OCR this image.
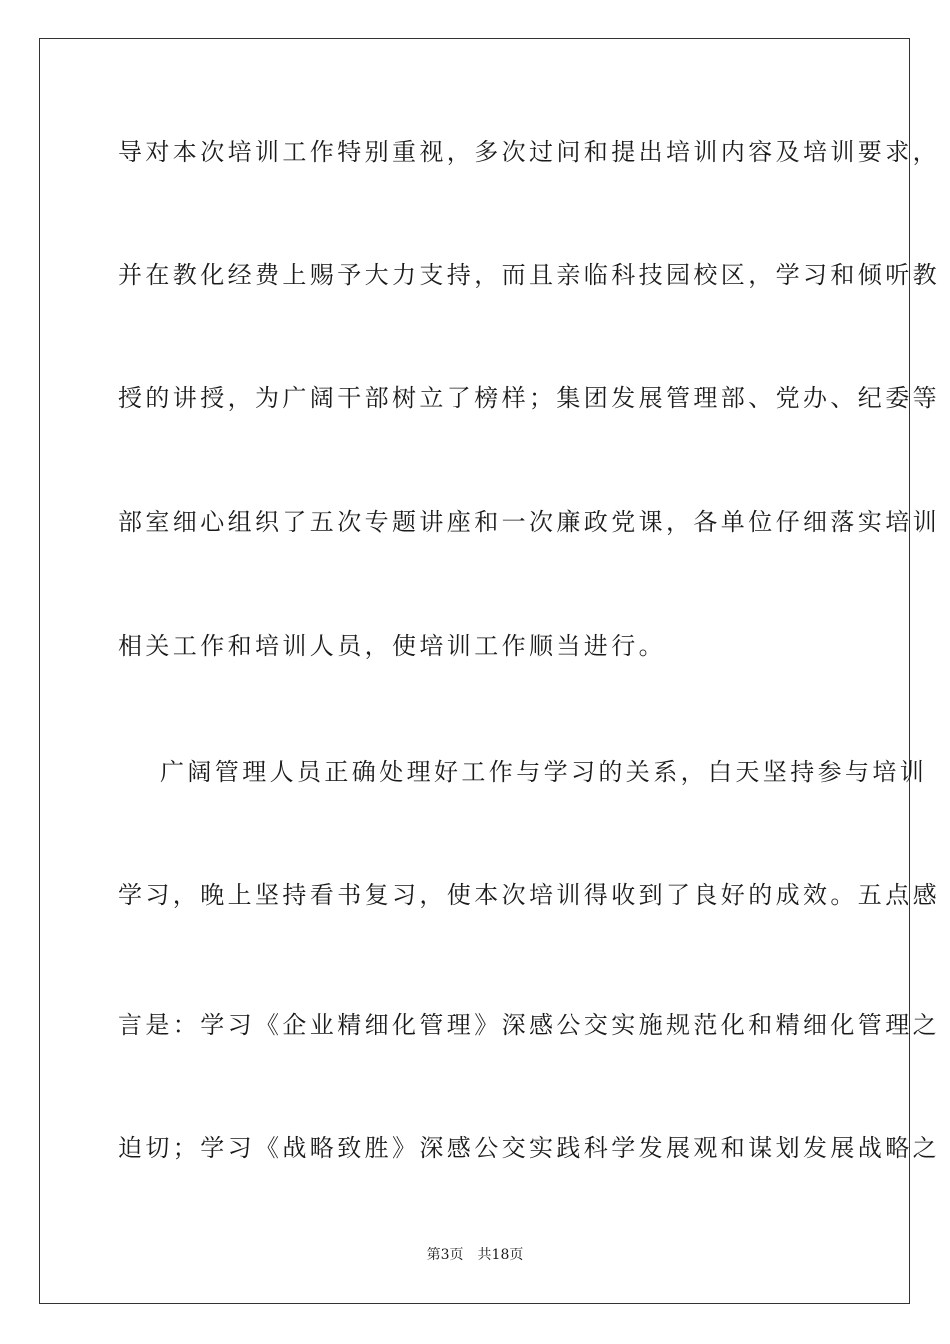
导对本次培训工作特别重视，多次过问和提出培训内容及培训要求，
并在教化经费上赐予大力支持，而且亲临科技园校区，学习和倾听教
授的讲授，为广阔干部树立了榜样；集团发展管理部、党办、纪委等
部室细心组织了五次专题讲座和一次廉政党课，各单位仔细落实培训
相关工作和培训人员，使培训工作顺当进行。
广阔管理人员正确处理好工作与学习的关系，白天坚持参与培训
学习，晚上坚持看书复习，使本次培训得收到了良好的成效。五点感
言是：学习《企业精细化管理》深感公交实施规范化和精细化管理之
迫切；学习《战略致胜》深感公交实践科学发展观和谋划发展战略之
第3页 共18页
